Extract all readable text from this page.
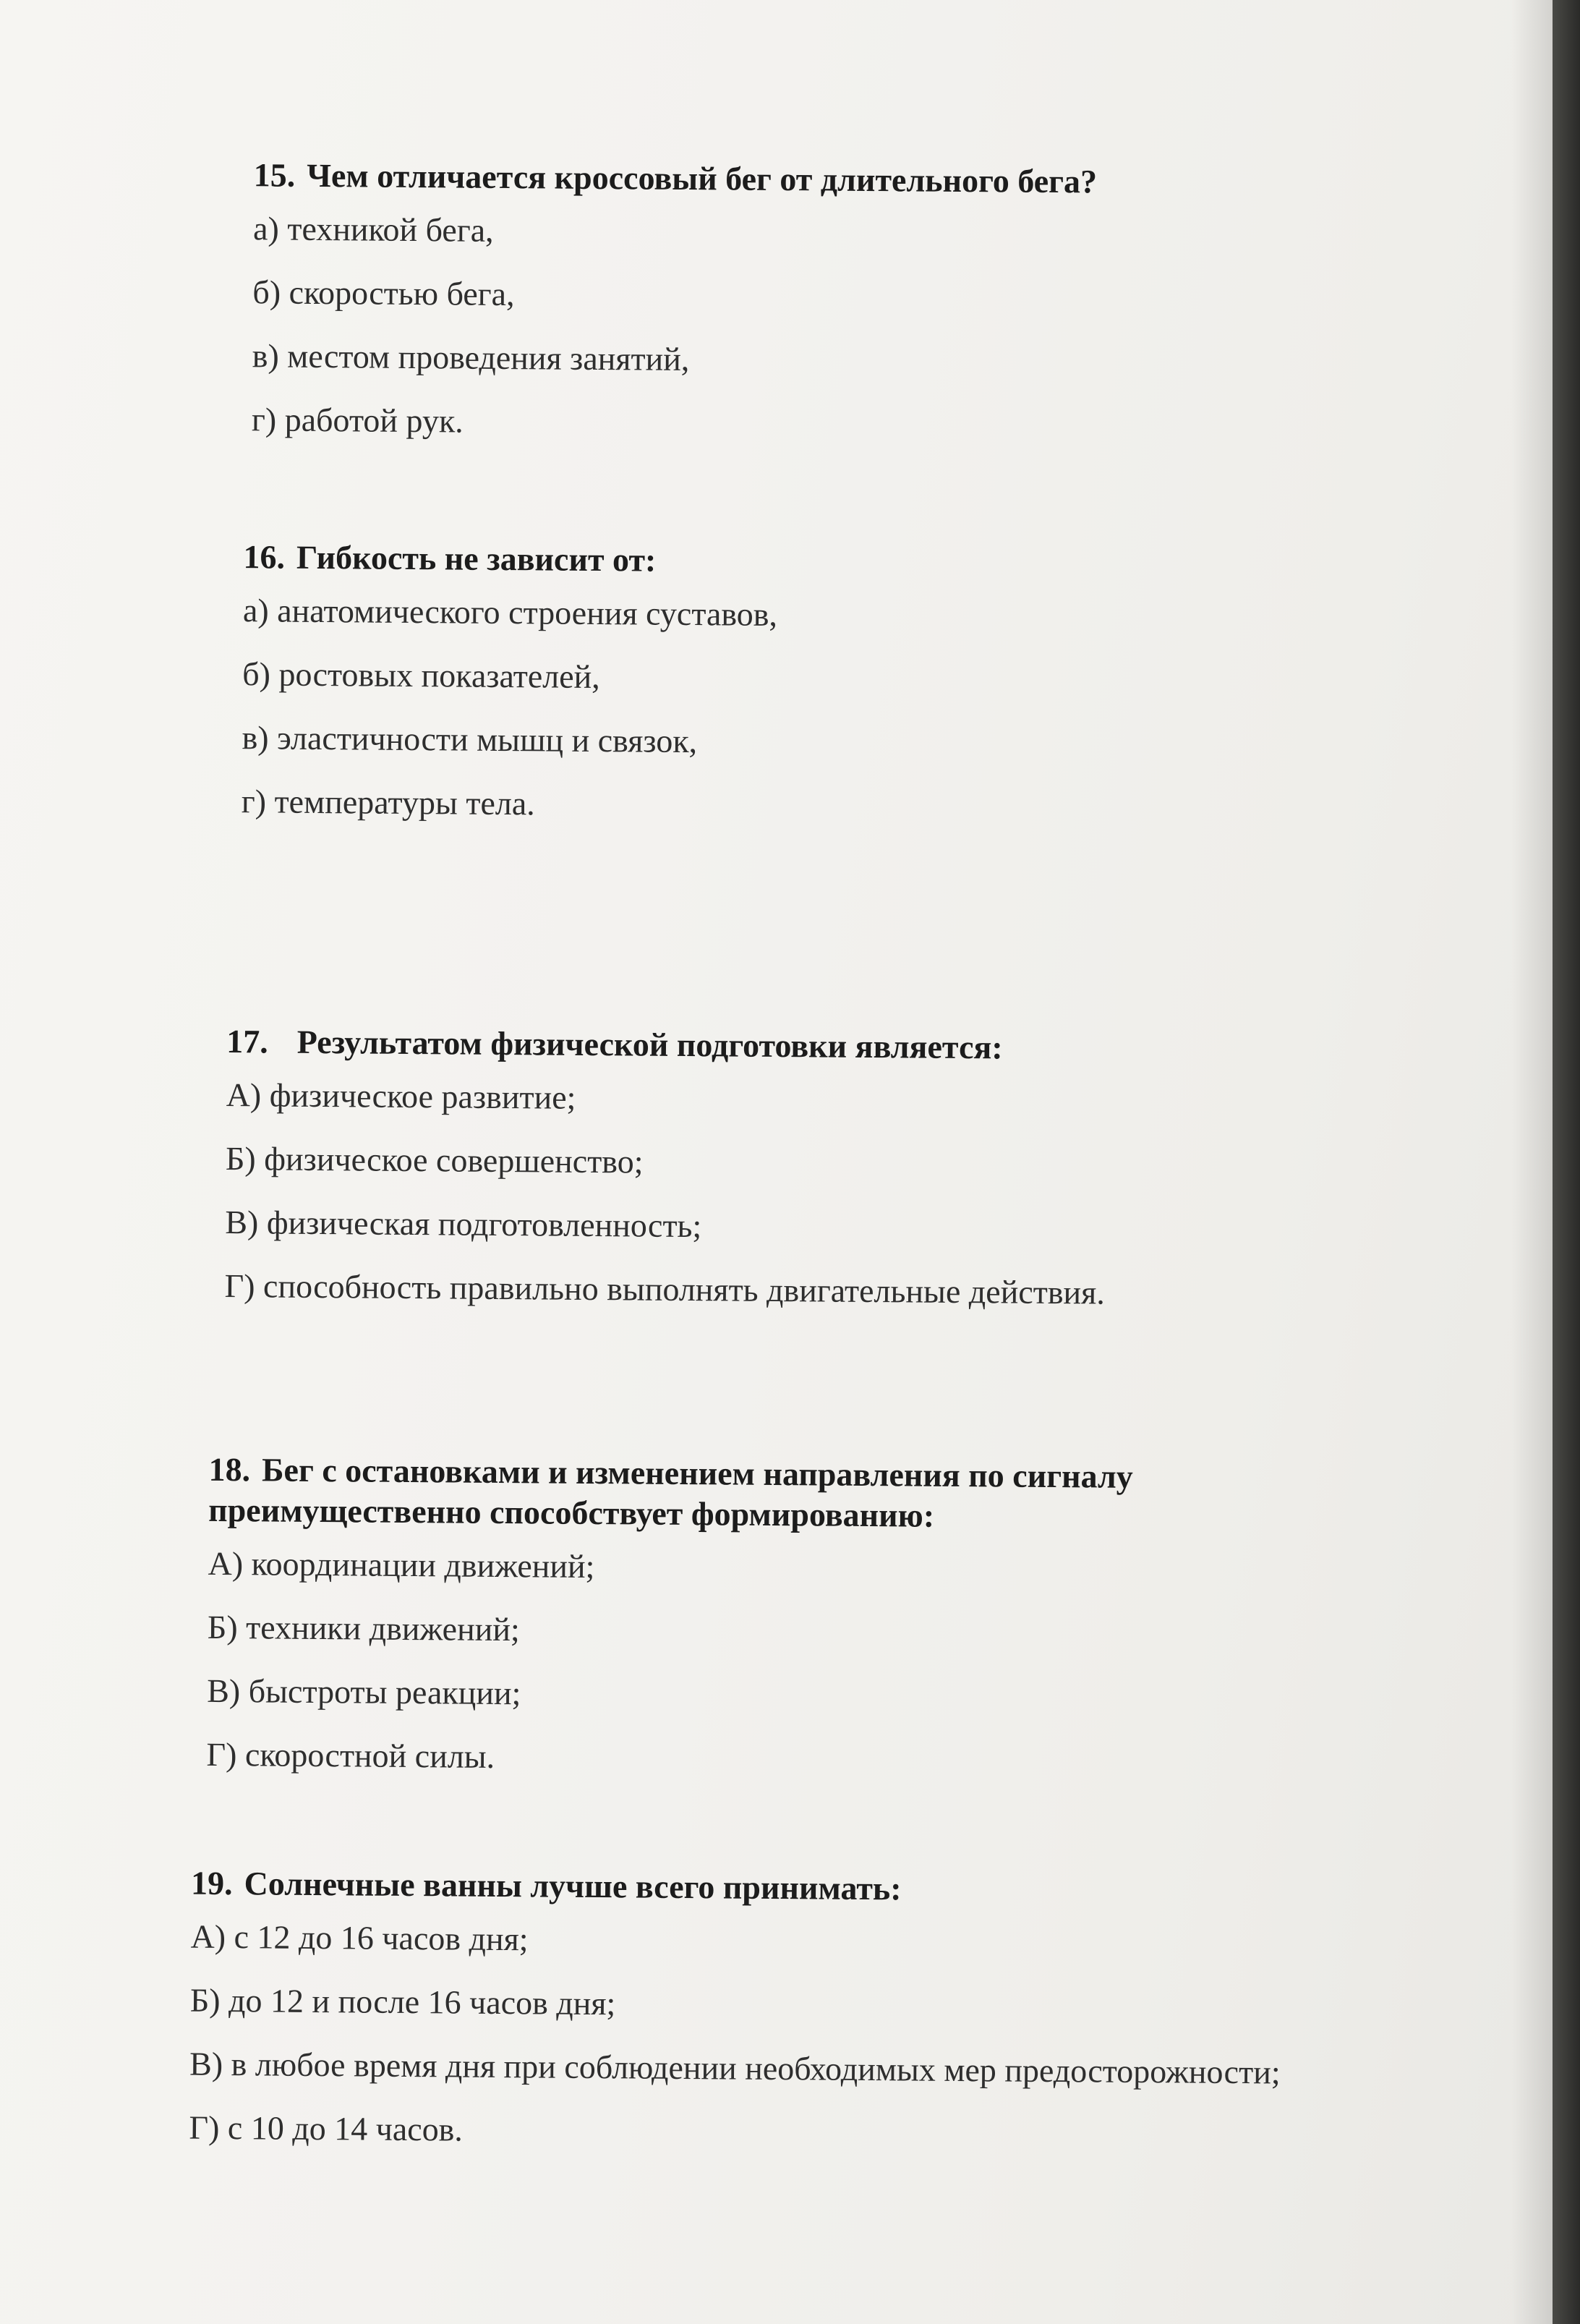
15. Чем отличается кроссовый бег от длительного бега?
а) техникой бега,
б) скоростью бега,
в) местом проведения занятий,
г) работой рук.
16. Гибкость не зависит от:
а) анатомического строения суставов,
б) ростовых показателей,
в) эластичности мышц и связок,
г) температуры тела.
17. Результатом физической подготовки является:
А) физическое развитие;
Б) физическое совершенство;
В) физическая подготовленность;
Г) способность правильно выполнять двигательные действия.
18. Бег с остановками и изменением направления по сигналу преимущественно способствует формированию:
А) координации движений;
Б) техники движений;
В) быстроты реакции;
Г) скоростной силы.
19. Солнечные ванны лучше всего принимать:
А) с 12 до 16 часов дня;
Б) до 12 и после 16 часов дня;
В) в любое время дня при соблюдении необходимых мер предосторожности;
Г) с 10 до 14 часов.
